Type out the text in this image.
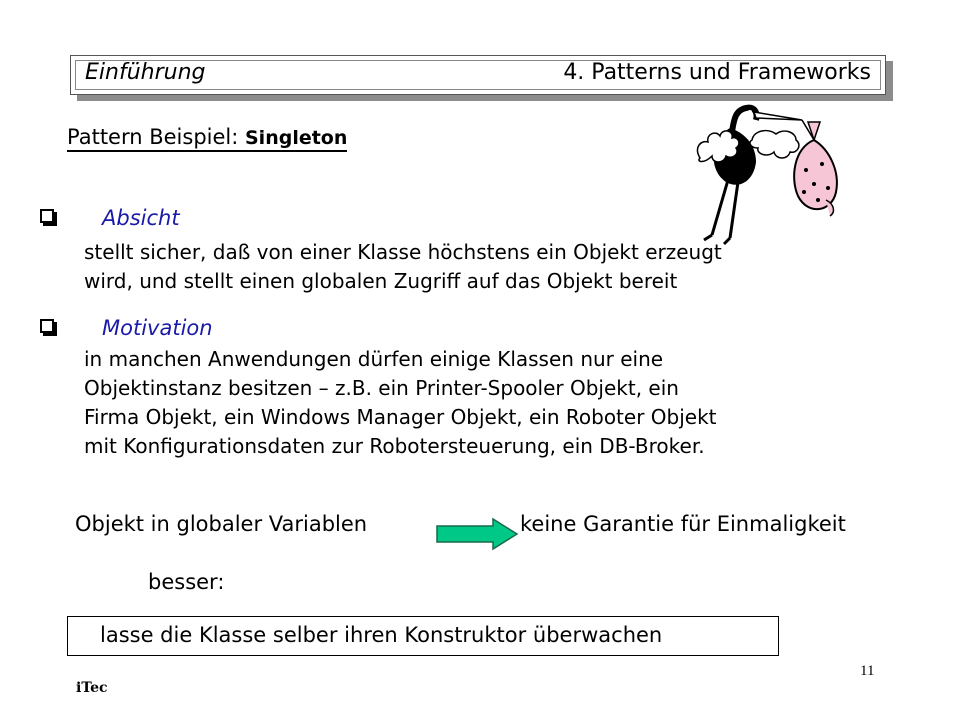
Einführung	4. Patterns und Frameworks
Pattern Beispiel: Singleton
Absicht
stellt sicher, daß von einer Klasse höchstens ein Objekt erzeugt
wird, und stellt einen globalen Zugriff auf das Objekt bereit
Motivation
in manchen Anwendungen dürfen einige Klassen nur eine
Objektinstanz besitzen – z.B. ein Printer-Spooler Objekt, ein
Firma Objekt, ein Windows Manager Objekt, ein Roboter Objekt
mit Konfigurationsdaten zur Robotersteuerung, ein DB-Broker.
Objekt in globaler Variablen	keine Garantie für Einmaligkeit
besser:
lasse die Klasse selber ihren Konstruktor überwachen
iTec
11
